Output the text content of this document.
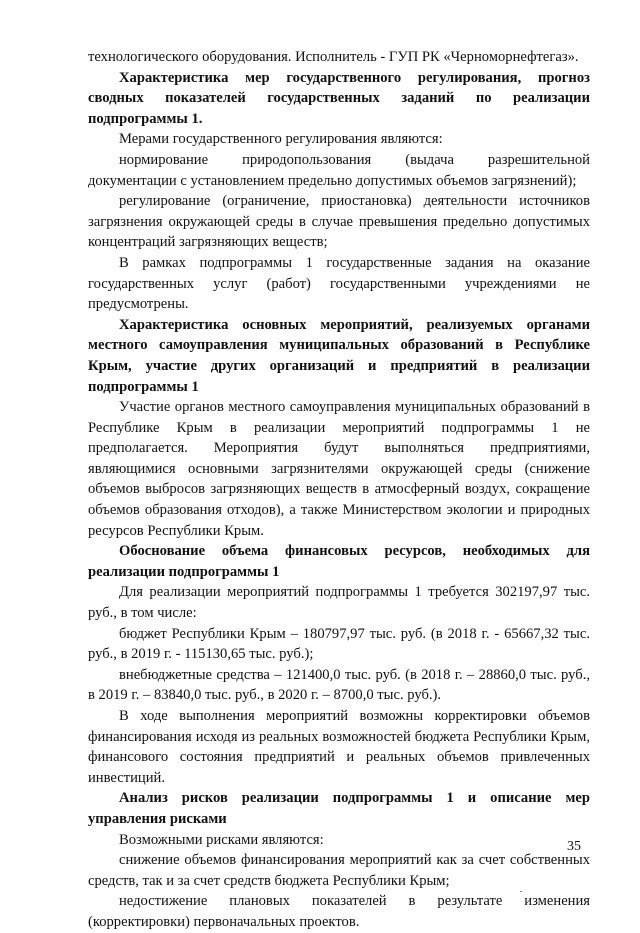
технологического оборудования. Исполнитель - ГУП РК «Черноморнефтегаз».

Характеристика мер государственного регулирования, прогноз сводных показателей государственных заданий по реализации подпрограммы 1.

Мерами государственного регулирования являются:

нормирование природопользования (выдача разрешительной документации с установлением предельно допустимых объемов загрязнений);

регулирование (ограничение, приостановка) деятельности источников загрязнения окружающей среды в случае превышения предельно допустимых концентраций загрязняющих веществ;

В рамках подпрограммы 1 государственные задания на оказание государственных услуг (работ) государственными учреждениями не предусмотрены.

Характеристика основных мероприятий, реализуемых органами местного самоуправления муниципальных образований в Республике Крым, участие других организаций и предприятий в реализации подпрограммы 1

Участие органов местного самоуправления муниципальных образований в Республике Крым в реализации мероприятий подпрограммы 1 не предполагается. Мероприятия будут выполняться предприятиями, являющимися основными загрязнителями окружающей среды (снижение объемов выбросов загрязняющих веществ в атмосферный воздух, сокращение объемов образования отходов), а также Министерством экологии и природных ресурсов Республики Крым.

Обоснование объема финансовых ресурсов, необходимых для реализации подпрограммы 1

Для реализации мероприятий подпрограммы 1 требуется 302197,97 тыс. руб., в том числе:

бюджет Республики Крым – 180797,97 тыс. руб. (в 2018 г. - 65667,32 тыс. руб., в 2019 г. - 115130,65 тыс. руб.);

внебюджетные средства – 121400,0 тыс. руб. (в 2018 г. – 28860,0 тыс. руб., в 2019 г. – 83840,0 тыс. руб., в 2020 г. – 8700,0 тыс. руб.).

В ходе выполнения мероприятий возможны корректировки объемов финансирования исходя из реальных возможностей бюджета Республики Крым, финансового состояния предприятий и реальных объемов привлеченных инвестиций.

Анализ рисков реализации подпрограммы 1 и описание мер управления рисками

Возможными рисками являются:

снижение объемов финансирования мероприятий как за счет собственных средств, так и за счет средств бюджета Республики Крым;

недостижение плановых показателей в результате изменения (корректировки) первоначальных проектов.

35
